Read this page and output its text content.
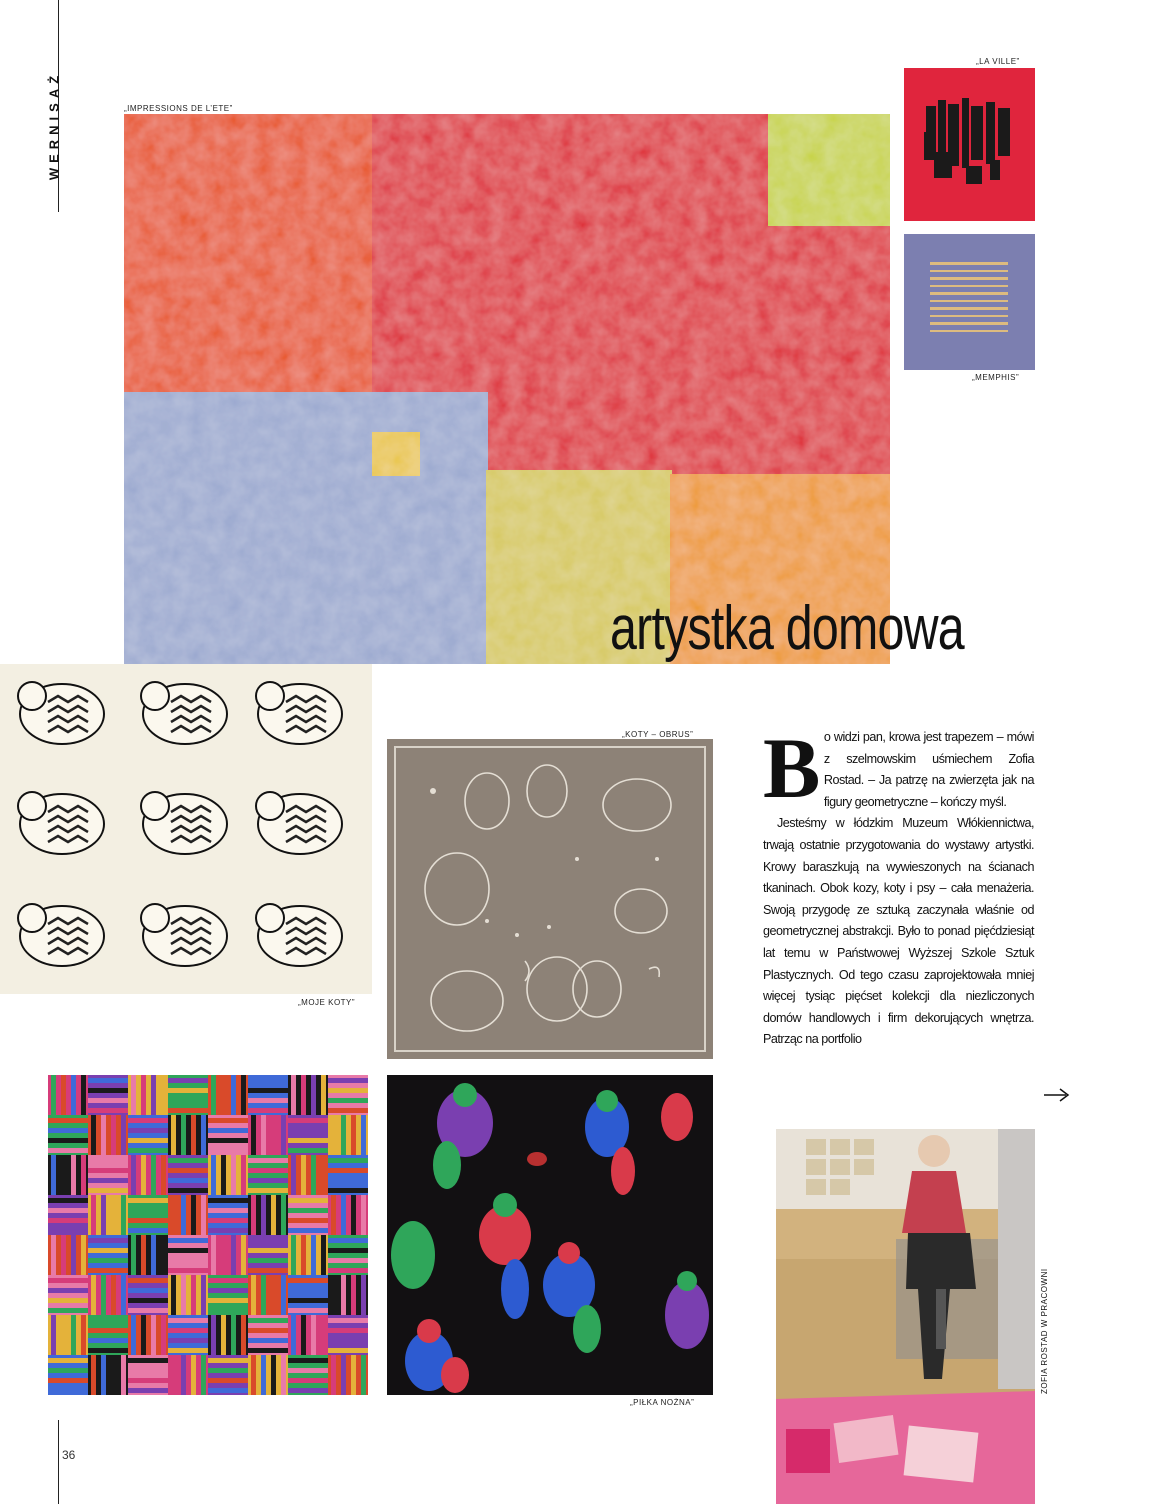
WERNISAŻ	„IMPRESSIONS DE L’ETE”
„LA VILLE”
„MEMPHIS”
artystka domowa
„MOJE KOTY”
„KOTY – OBRUS”
„PIŁKA NOŻNA”

Bo widzi pan, krowa jest trapezem – mówi z szelmowskim uśmiechem Zofia Rostad. – Ja patrzę na zwierzęta jak na figury geometryczne – kończy myśl.

Jesteśmy w łódzkim Muzeum Włókiennictwa, trwają ostatnie przygotowania do wystawy artystki. Krowy baraszkują na wywieszonych na ścianach tkaninach. Obok kozy, koty i psy – cała menażeria. Swoją przygodę ze sztuką zaczynała właśnie od geometrycznej abstrakcji. Było to ponad pięćdziesiąt lat temu w Państwowej Wyższej Szkole Sztuk Plastycznych. Od tego czasu zaprojektowała mniej więcej tysiąc pięćset kolekcji dla niezliczonych domów handlowych i firm dekorujących wnętrza. Patrząc na portfolio

ZOFIA ROSTAD W PRACOWNI
36
